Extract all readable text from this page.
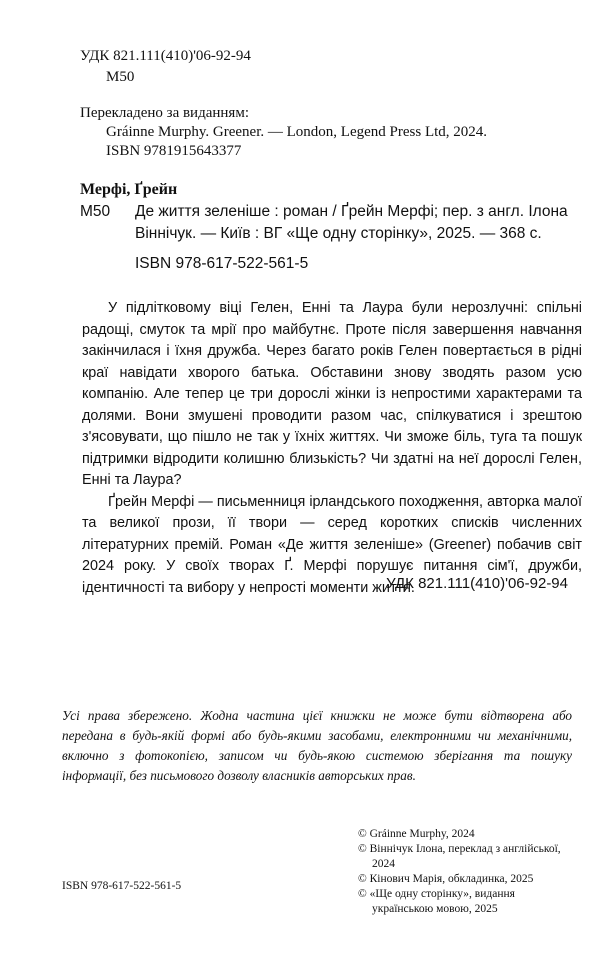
УДК 821.111(410)'06-92-94
М50
Перекладено за виданням:
Gráinne Murphy. Greener. — London, Legend Press Ltd, 2024.
ISBN 9781915643377
Мерфі, Ґрейн
М50 Де життя зеленіше : роман / Ґрейн Мерфі; пер. з англ. Ілона Віннічук. — Київ : ВГ «Ще одну сторінку», 2025. — 368 с.
ISBN 978-617-522-561-5

У підлітковому віці Гелен, Енні та Лаура були нерозлучні: спільні радощі, смуток та мрії про майбутнє. Проте після завершення навчання закінчилася і їхня дружба. Через багато років Гелен повертається в рідні краї навідати хворого батька. Обставини знову зводять разом усю компанію. Але тепер це три дорослі жінки із непростими характерами та долями. Вони змушені проводити разом час, спілкуватися і зрештою з'ясовувати, що пішло не так у їхніх життях. Чи зможе біль, туга та пошук підтримки відродити колишню близькість? Чи здатні на неї дорослі Гелен, Енні та Лаура?

Ґрейн Мерфі — письменниця ірландського походження, авторка малої та великої прози, її твори — серед коротких списків численних літературних премій. Роман «Де життя зеленіше» (Greener) побачив світ 2024 року. У своїх творах Ґ. Мерфі порушує питання сім'ї, дружби, ідентичності та вибору у непрості моменти життя.

УДК 821.111(410)'06-92-94
Усі права збережено. Жодна частина цієї книжки не може бути відтворена або передана в будь-якій формі або будь-якими засобами, електронними чи механічними, включно з фотокопією, записом чи будь-якою системою зберігання та пошуку інформації, без письмового дозволу власників авторських прав.
© Gráinne Murphy, 2024
© Віннічук Ілона, переклад з англійської, 2024
© Кінович Марія, обкладинка, 2025
© «Ще одну сторінку», видання українською мовою, 2025
ISBN 978-617-522-561-5
